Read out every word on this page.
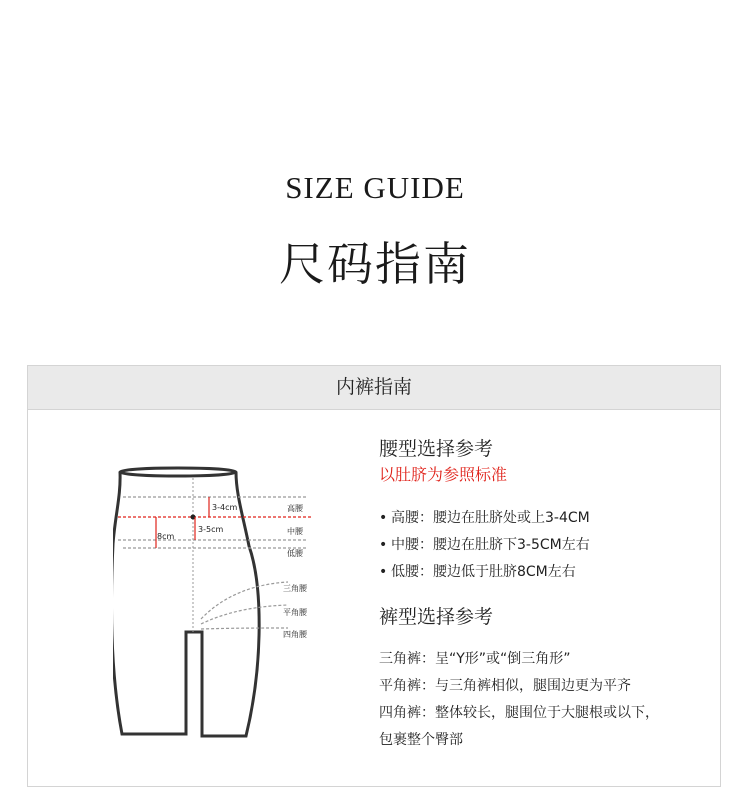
SIZE GUIDE
尺码指南
内裤指南
3-4cm
3-5cm
8cm
高腰
中腰
低腰
三角腰
平角腰
四角腰
腰型选择参考
以肚脐为参照标准
• 高腰：腰边在肚脐处或上3-4CM
• 中腰：腰边在肚脐下3-5CM左右
• 低腰：腰边低于肚脐8CM左右
裤型选择参考
三角裤：呈“Y形”或“倒三角形”
平角裤：与三角裤相似，腿围边更为平齐
四角裤：整体较长，腿围位于大腿根或以下，
包裹整个臀部
